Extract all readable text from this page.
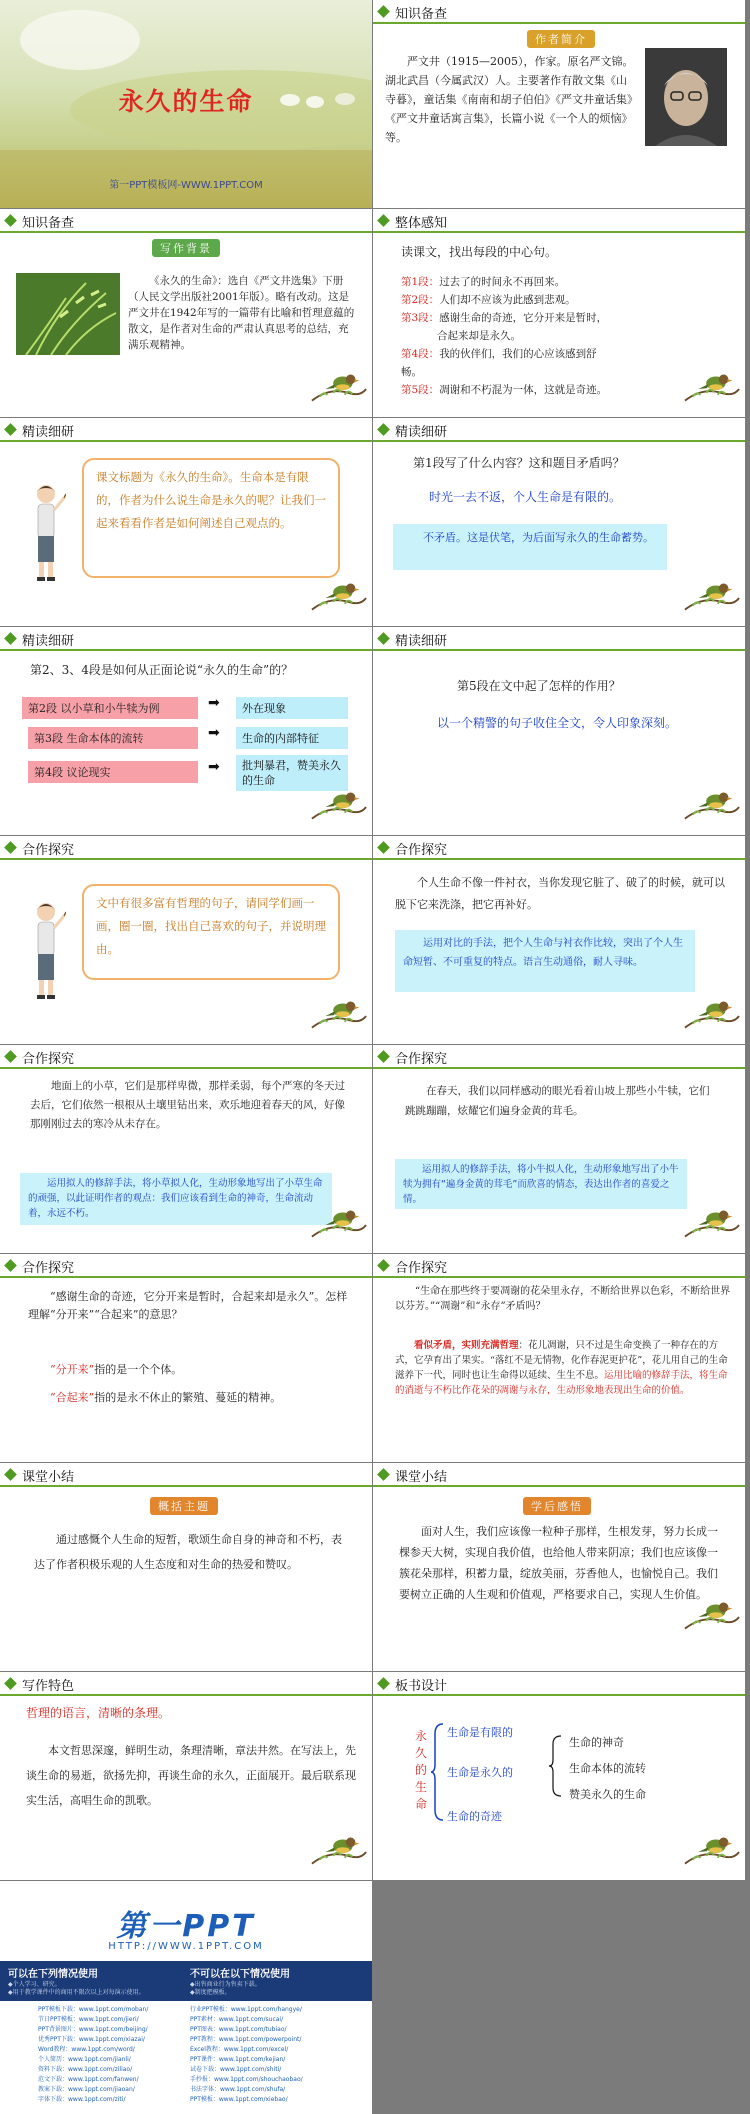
永久的生命
第一PPT模板网-WWW.1PPT.COM
知识备查
作者简介
严文井（1915—2005），作家。原名严文锦。湖北武昌（今属武汉）人。主要著作有散文集《山寺暮》，童话集《南南和胡子伯伯》《严文井童话集》《严文井童话寓言集》，长篇小说《一个人的烦恼》等。
知识备查
写作背景
《永久的生命》：选自《严文井选集》下册（人民文学出版社2001年版）。略有改动。这是严文井在1942年写的一篇带有比喻和哲理意蕴的散文，是作者对生命的严肃认真思考的总结，充满乐观精神。
整体感知
读课文，找出每段的中心句。
第1段：过去了的时间永不再回来。
第2段：人们却不应该为此感到悲观。
第3段：感谢生命的奇迹，它分开来是暂时，合起来却是永久。
第4段：我的伙伴们，我们的心应该感到舒畅。
第5段：凋谢和不朽混为一体，这就是奇迹。
精读细研
课文标题为《永久的生命》。生命本是有限的，作者为什么说生命是永久的呢？让我们一起来看看作者是如何阐述自己观点的。
精读细研
第1段写了什么内容？这和题目矛盾吗？
时光一去不返，个人生命是有限的。
不矛盾。这是伏笔，为后面写永久的生命蓄势。
精读细研
第2、3、4段是如何从正面论说“永久的生命”的？
第2段 以小草和小牛犊为例	➡	外在现象
第3段 生命本体的流转	➡	生命的内部特征
第4段 议论现实	➡	批判暴君，赞美永久的生命
精读细研
第5段在文中起了怎样的作用？
以一个精警的句子收住全文，令人印象深刻。
合作探究
文中有很多富有哲理的句子，请同学们画一画，圈一圈，找出自己喜欢的句子，并说明理由。
合作探究
个人生命不像一件衬衣，当你发现它脏了、破了的时候，就可以脱下它来洗涤，把它再补好。
运用对比的手法，把个人生命与衬衣作比较，突出了个人生命短暂、不可重复的特点。语言生动通俗，耐人寻味。
合作探究
地面上的小草，它们是那样卑微，那样柔弱，每个严寒的冬天过去后，它们依然一根根从土壤里钻出来，欢乐地迎着春天的风，好像那刚刚过去的寒冷从未存在。
运用拟人的修辞手法，将小草拟人化，生动形象地写出了小草生命的顽强，以此证明作者的观点：我们应该看到生命的神奇，生命流动着，永远不朽。
合作探究
在春天，我们以同样感动的眼光看着山坡上那些小牛犊，它们跳跳蹦蹦，炫耀它们遍身金黄的茸毛。
运用拟人的修辞手法，将小牛拟人化，生动形象地写出了小牛犊为拥有“遍身金黄的茸毛”而欣喜的情态，表达出作者的喜爱之情。
合作探究
“感谢生命的奇迹，它分开来是暂时，合起来却是永久”。怎样理解“分开来”“合起来”的意思？
“分开来”指的是一个个体。
“合起来”指的是永不休止的繁殖、蔓延的精神。
合作探究
“生命在那些终于要凋谢的花朵里永存，不断给世界以色彩，不断给世界以芬芳。”“凋谢”和“永存”矛盾吗？
看似矛盾，实则充满哲理：花儿凋谢，只不过是生命变换了一种存在的方式，它孕育出了果实。“落红不是无情物，化作春泥更护花”，花儿用自己的生命滋养下一代，同时也让生命得以延续、生生不息。运用比喻的修辞手法，将生命的消逝与不朽比作花朵的凋谢与永存，生动形象地表现出生命的价值。
课堂小结
概括主题
通过感慨个人生命的短暂，歌颂生命自身的神奇和不朽，表达了作者积极乐观的人生态度和对生命的热爱和赞叹。
课堂小结
学后感悟
面对人生，我们应该像一粒种子那样，生根发芽，努力长成一棵参天大树，实现自我价值，也给他人带来阴凉；我们也应该像一簇花朵那样，积蓄力量，绽放美丽，芬香他人，也愉悦自己。我们要树立正确的人生观和价值观，严格要求自己，实现人生价值。
写作特色
哲理的语言，清晰的条理。
本文哲思深邃，鲜明生动，条理清晰，章法井然。在写法上，先谈生命的易逝，欲扬先抑，再谈生命的永久，正面展开。最后联系现实生活，高唱生命的凯歌。
板书设计
永久的生命
生命是有限的
生命是永久的
生命的奇迹
生命的神奇
生命本体的流转
赞美永久的生命
第一PPT
HTTP://WWW.1PPT.COM
可以在下列情况使用
◆个人学习、研究。
◆用于教学课件中的商用不限次以上对每演示使用。
不可以在以下情况使用
◆出售商业行为售卖下载。
◆制度把模板。
PPT模板下载：www.1ppt.com/moban/
节日PPT模板：www.1ppt.com/jieri/
PPT背景图片：www.1ppt.com/beijing/
优秀PPT下载：www.1ppt.com/xiazai/
Word教程：www.1ppt.com/word/
个人简历：www.1ppt.com/jianli/
资料下载：www.1ppt.com/ziliao/
范文下载：www.1ppt.com/fanwen/
教案下载：www.1ppt.com/jiaoan/
字体下载：www.1ppt.com/ziti/
行业PPT模板：www.1ppt.com/hangye/
PPT素材：www.1ppt.com/sucai/
PPT图表：www.1ppt.com/tubiao/
PPT教程：www.1ppt.com/powerpoint/
Excel教程：www.1ppt.com/excel/
PPT课件：www.1ppt.com/kejian/
试卷下载：www.1ppt.com/shiti/
手抄报：www.1ppt.com/shouchaobao/
书法字体：www.1ppt.com/shufa/
PPT模板：www.1ppt.com/xiebao/
